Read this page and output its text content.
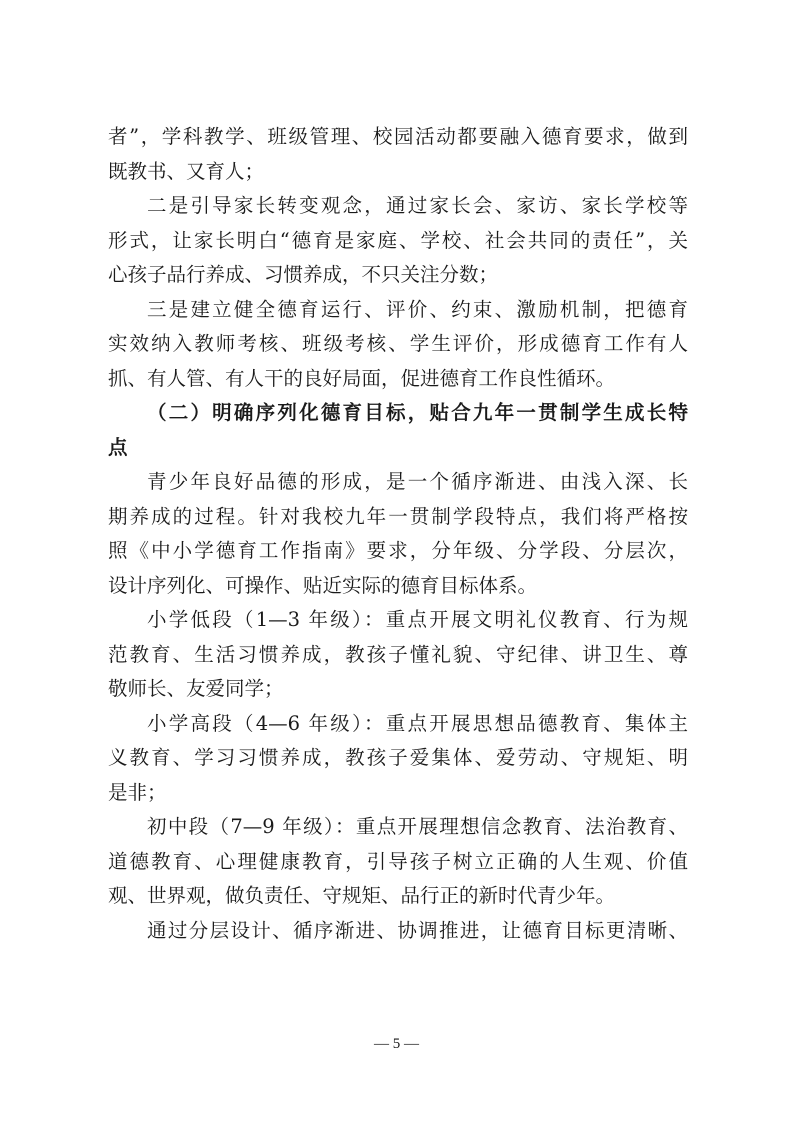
者”，学科教学、班级管理、校园活动都要融入德育要求，做到
既教书、又育人；
二是引导家长转变观念，通过家长会、家访、家长学校等
形式，让家长明白“德育是家庭、学校、社会共同的责任”，关
心孩子品行养成、习惯养成，不只关注分数；
三是建立健全德育运行、评价、约束、激励机制，把德育
实效纳入教师考核、班级考核、学生评价，形成德育工作有人
抓、有人管、有人干的良好局面，促进德育工作良性循环。
（二）明确序列化德育目标，贴合九年一贯制学生成长特
点
青少年良好品德的形成，是一个循序渐进、由浅入深、长
期养成的过程。针对我校九年一贯制学段特点，我们将严格按
照《中小学德育工作指南》要求，分年级、分学段、分层次，
设计序列化、可操作、贴近实际的德育目标体系。
小学低段（1—3 年级）：重点开展文明礼仪教育、行为规
范教育、生活习惯养成，教孩子懂礼貌、守纪律、讲卫生、尊
敬师长、友爱同学；
小学高段（4—6 年级）：重点开展思想品德教育、集体主
义教育、学习习惯养成，教孩子爱集体、爱劳动、守规矩、明
是非；
初中段（7—9 年级）：重点开展理想信念教育、法治教育、
道德教育、心理健康教育，引导孩子树立正确的人生观、价值
观、世界观，做负责任、守规矩、品行正的新时代青少年。
通过分层设计、循序渐进、协调推进，让德育目标更清晰、
— 5 —
